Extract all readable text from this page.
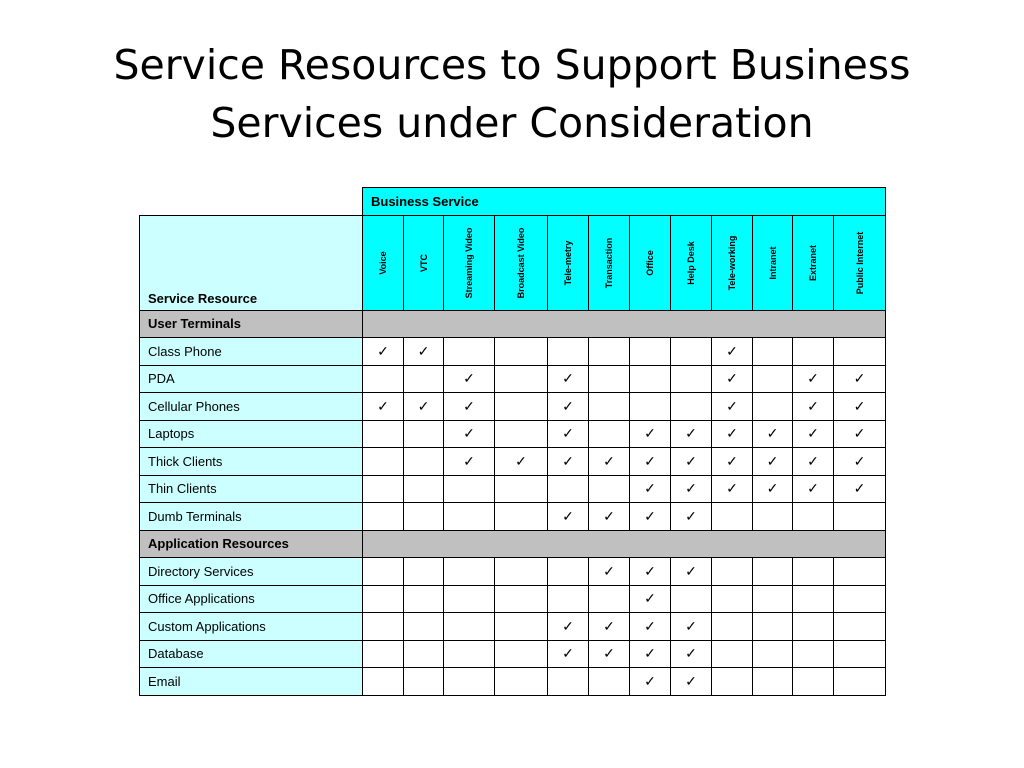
Service Resources to Support Business
Services under Consideration
	Business Service											
Service Resource	Voice	VTC	Streaming Video	Broadcast Video	Tele-metry	Transaction	Office	Help Desk	Tele-working	Intranet	Extranet	Public Internet

User Terminals												
Class Phone	✓	✓							✓			
PDA			✓		✓				✓		✓	✓
Cellular Phones	✓	✓	✓		✓				✓		✓	✓
Laptops			✓		✓		✓	✓	✓	✓	✓	✓
Thick Clients			✓	✓	✓	✓	✓	✓	✓	✓	✓	✓
Thin Clients							✓	✓	✓	✓	✓	✓
Dumb Terminals					✓	✓	✓	✓				
Application Resources												
Directory Services						✓	✓	✓				
Office Applications							✓					
Custom Applications					✓	✓	✓	✓				
Database					✓	✓	✓	✓				
Email							✓	✓				
